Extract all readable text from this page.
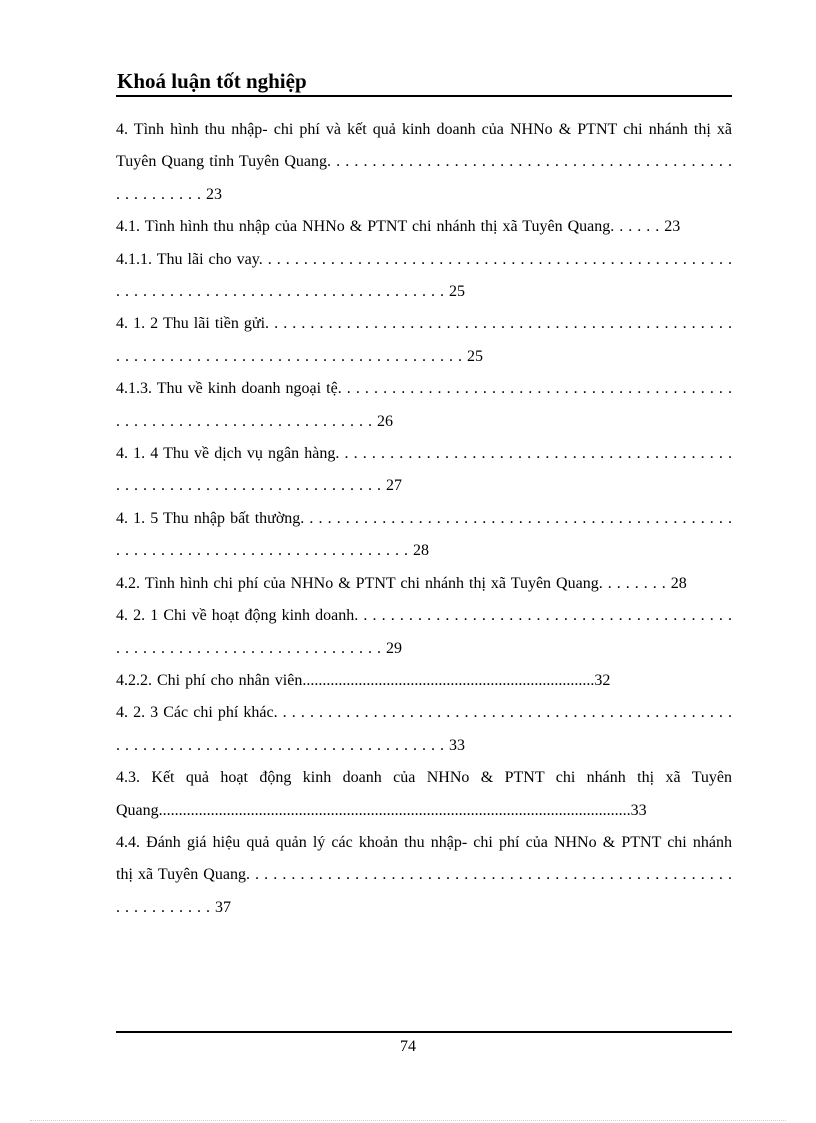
Khoá luận tốt nghiệp

4. Tình hình thu nhập- chi phí và kết quả kinh doanh của NHNo & PTNT chi nhánh thị xã Tuyên Quang tỉnh Tuyên Quang. . . . . . . . . . . . . . . . . . . . . . . . . . . . . . . . . . . . . . . . . . . . . . . . . . . . . . . 23

4.1. Tình hình thu nhập của NHNo & PTNT chi nhánh thị xã Tuyên Quang. . . . . . 23

4.1.1. Thu lãi cho vay. . . . . . . . . . . . . . . . . . . . . . . . . . . . . . . . . . . . . . . . . . . . . . . . . . . . . . . . . . . . . . . . . . . . . . . . . . . . . . . . . . . . . . . . . . 25

4. 1. 2 Thu lãi tiền gửi. . . . . . . . . . . . . . . . . . . . . . . . . . . . . . . . . . . . . . . . . . . . . . . . . . . . . . . . . . . . . . . . . . . . . . . . . . . . . . . . . . . . . . . . . . . 25

4.1.3. Thu về kinh doanh ngoại tệ. . . . . . . . . . . . . . . . . . . . . . . . . . . . . . . . . . . . . . . . . . . . . . . . . . . . . . . . . . . . . . . . . . . . . . . . . 26

4. 1. 4 Thu về dịch vụ ngân hàng. . . . . . . . . . . . . . . . . . . . . . . . . . . . . . . . . . . . . . . . . . . . . . . . . . . . . . . . . . . . . . . . . . . . . . . . . . 27

4. 1. 5 Thu nhập bất thường. . . . . . . . . . . . . . . . . . . . . . . . . . . . . . . . . . . . . . . . . . . . . . . . . . . . . . . . . . . . . . . . . . . . . . . . . . . . . . . . . 28

4.2. Tình hình chi phí của NHNo & PTNT chi nhánh thị xã Tuyên Quang. . . . . . . . 28

4. 2. 1 Chi về hoạt động kinh doanh. . . . . . . . . . . . . . . . . . . . . . . . . . . . . . . . . . . . . . . . . . . . . . . . . . . . . . . . . . . . . . . . . . . . . . . . 29

4.2.2. Chi phí cho nhân viên.........................................................................32

4. 2. 3 Các chi phí khác. . . . . . . . . . . . . . . . . . . . . . . . . . . . . . . . . . . . . . . . . . . . . . . . . . . . . . . . . . . . . . . . . . . . . . . . . . . . . . . . . . . . . . . . 33

4.3. Kết quả hoạt động kinh doanh của NHNo & PTNT chi nhánh thị xã Tuyên Quang......................................................................................................................33

4.4. Đánh giá hiệu quả quản lý các khoản thu nhập- chi phí của NHNo & PTNT chi nhánh thị xã Tuyên Quang. . . . . . . . . . . . . . . . . . . . . . . . . . . . . . . . . . . . . . . . . . . . . . . . . . . . . . . . . . . . . . . . . 37

74
